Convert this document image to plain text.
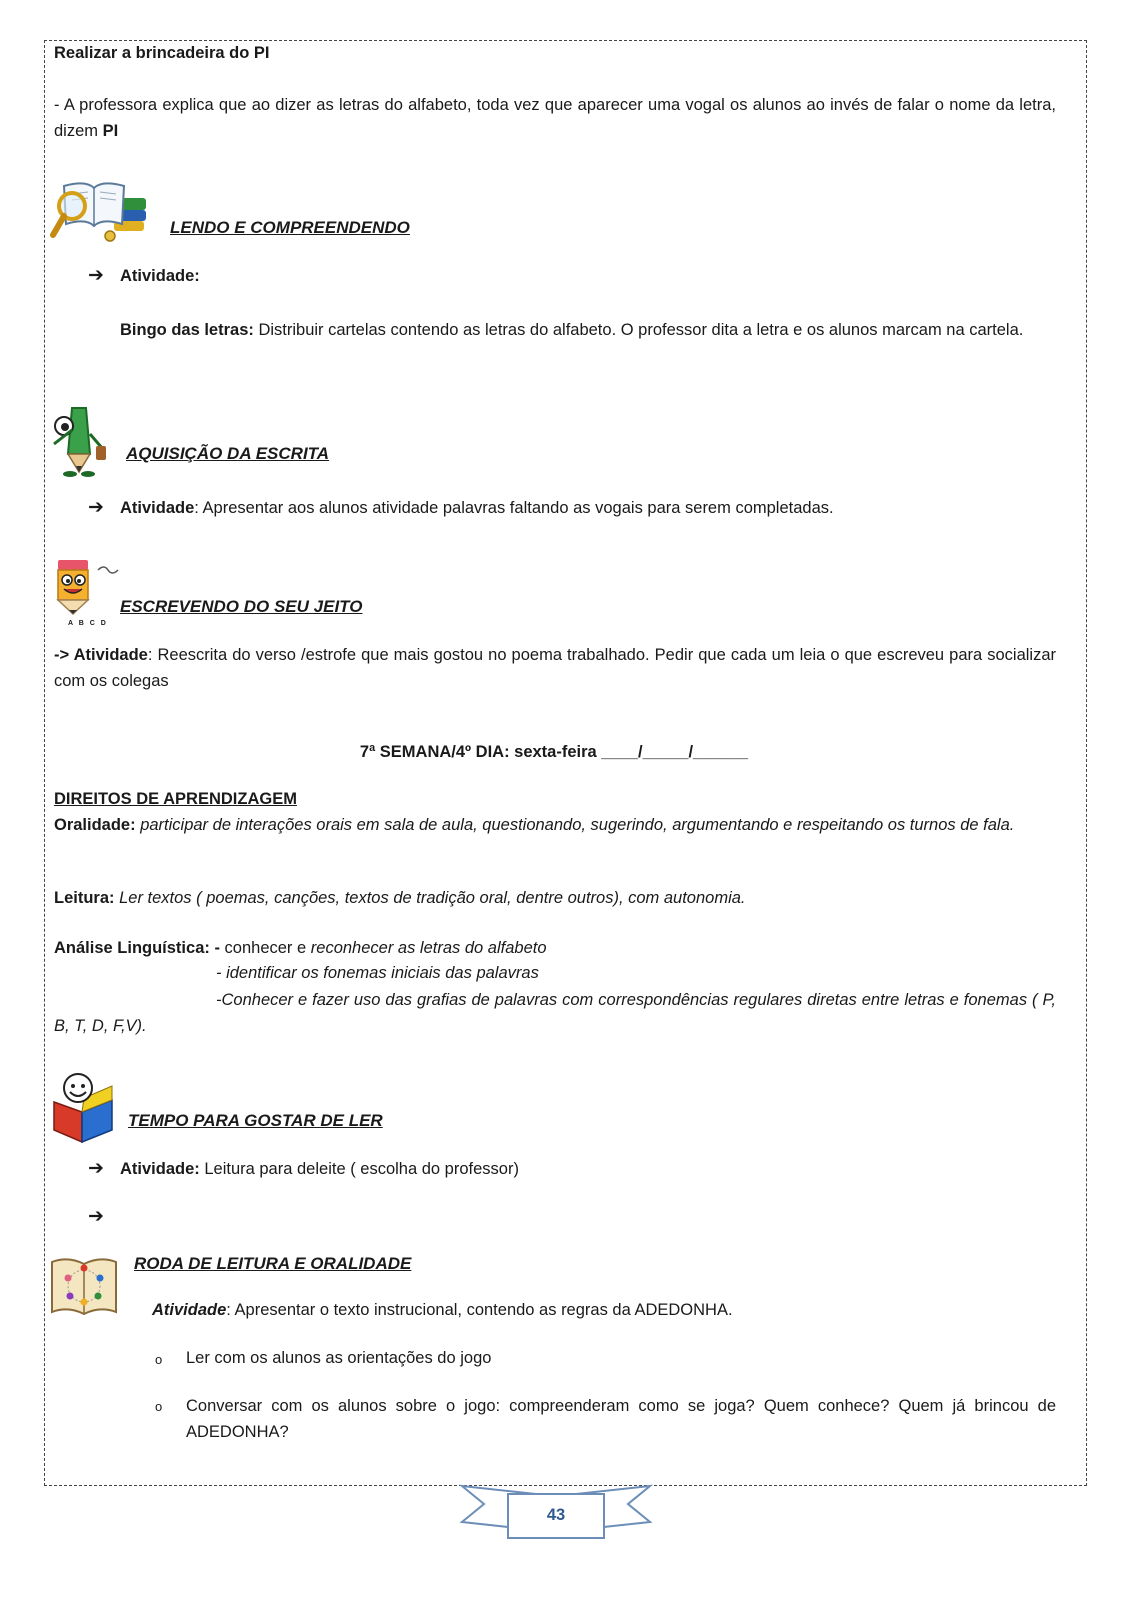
Realizar a brincadeira do PI
- A professora explica que ao dizer as letras do alfabeto, toda vez que aparecer uma vogal os alunos ao invés de falar o nome da letra, dizem PI
LENDO E COMPREENDENDO
➔ Atividade:
Bingo das letras: Distribuir cartelas contendo as letras do alfabeto. O professor dita a letra e os alunos marcam na cartela.
AQUISIÇÃO DA ESCRITA
➔ Atividade: Apresentar aos alunos atividade palavras faltando as vogais para serem completadas.
A B C D
ESCREVENDO DO SEU JEITO
-> Atividade: Reescrita do verso /estrofe que mais gostou no poema trabalhado. Pedir que cada um leia o que escreveu para socializar com os colegas
7ª SEMANA/4º DIA: sexta-feira ____/_____/______
DIREITOS DE APRENDIZAGEM
Oralidade: participar de interações orais em sala de aula, questionando, sugerindo, argumentando e respeitando os turnos de fala.
Leitura: Ler textos ( poemas, canções, textos de tradição oral, dentre outros), com autonomia.
Análise Linguística: - conhecer e reconhecer as letras do alfabeto
- identificar os fonemas iniciais das palavras
-Conhecer e fazer uso das grafias de palavras com correspondências regulares diretas entre letras e fonemas ( P, B, T, D, F,V).
TEMPO PARA GOSTAR DE LER
➔ Atividade: Leitura para deleite ( escolha do professor)
➔
RODA DE LEITURA E ORALIDADE
Atividade: Apresentar o texto instrucional, contendo as regras da ADEDONHA.
o Ler com os alunos as orientações do jogo
o Conversar com os alunos sobre o jogo: compreenderam como se joga? Quem conhece? Quem já brincou de ADEDONHA?
43
